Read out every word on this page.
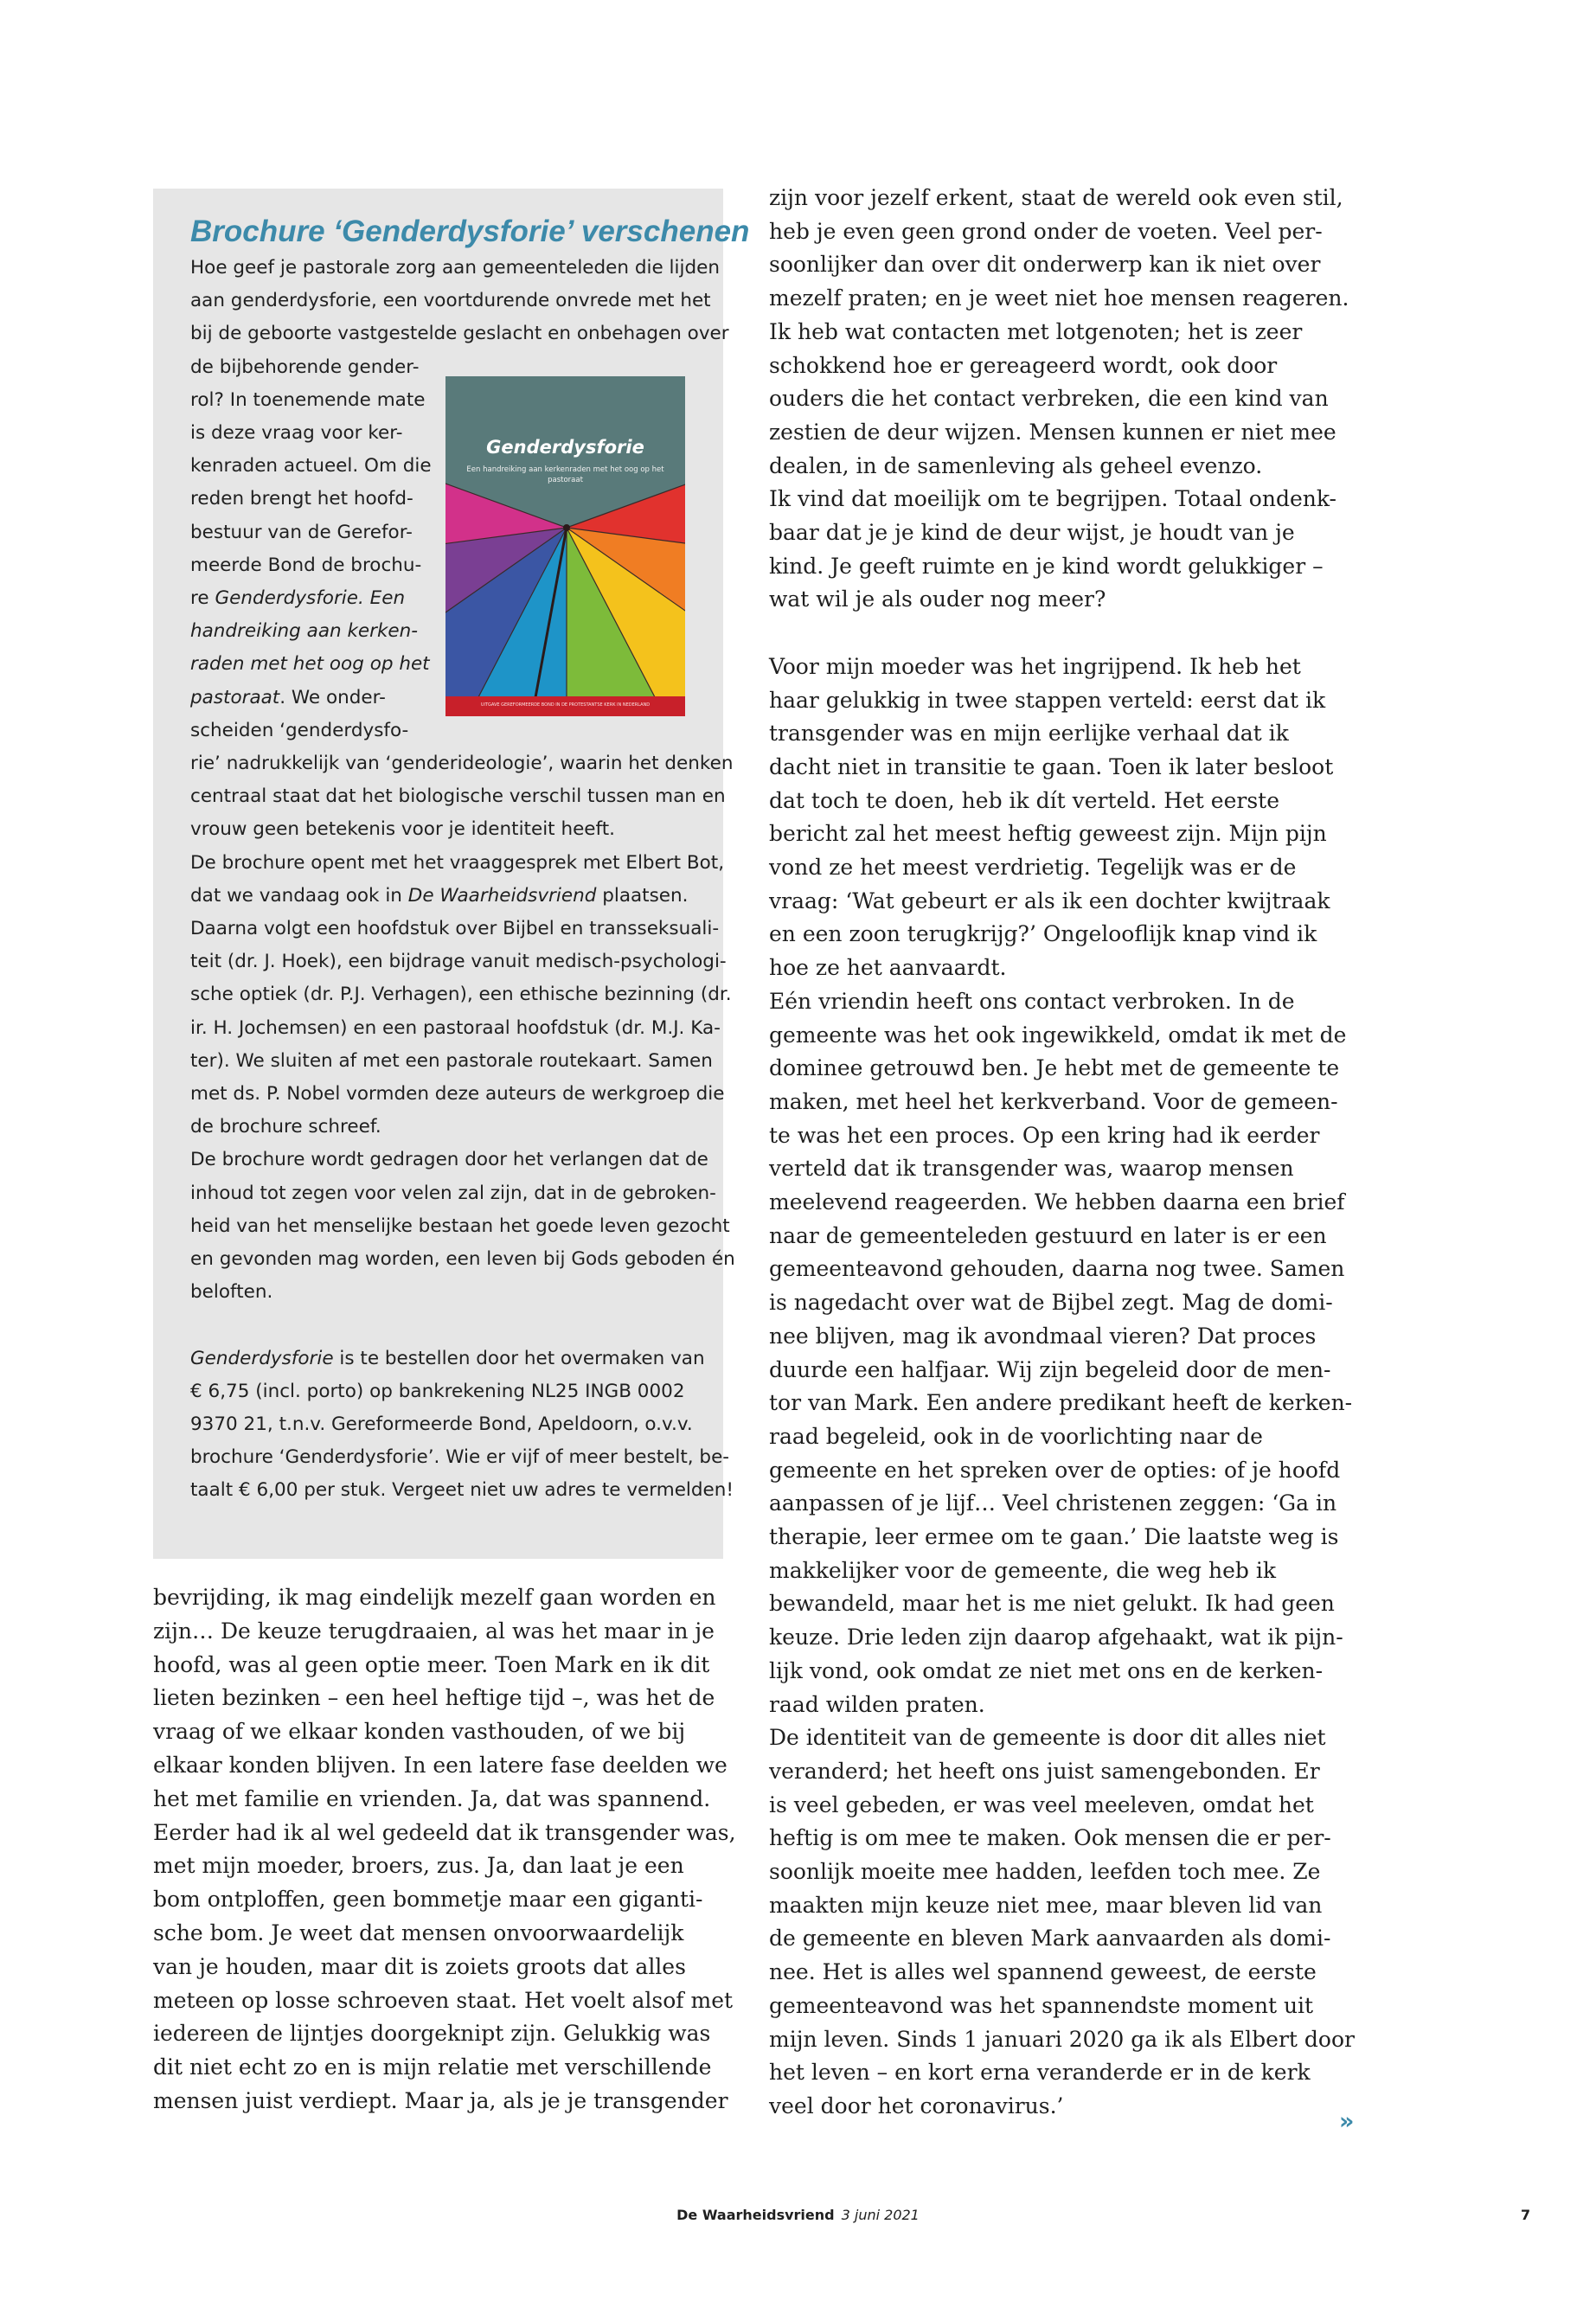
Brochure ‘Genderdysforie’ verschenen
Hoe geef je pastorale zorg aan gemeenteleden die lijden
aan genderdysforie, een voortdurende onvrede met het
bij de geboorte vastgestelde geslacht en onbehagen over
de bijbehorende gender-
rol? In toenemende mate
is deze vraag voor ker-
kenraden actueel. Om die
reden brengt het hoofd-
bestuur van de Gerefor-
meerde Bond de brochu-
re Genderdysforie. Een
handreiking aan kerken-
raden met het oog op het
pastoraat. We onder-
scheiden ‘genderdysfo-
rie’ nadrukkelijk van ‘genderideologie’, waarin het denken
centraal staat dat het biologische verschil tussen man en
vrouw geen betekenis voor je identiteit heeft.
De brochure opent met het vraaggesprek met Elbert Bot,
dat we vandaag ook in De Waarheidsvriend plaatsen.
Daarna volgt een hoofdstuk over Bijbel en transseksuali-
teit (dr. J. Hoek), een bijdrage vanuit medisch-psychologi-
sche optiek (dr. P.J. Verhagen), een ethische bezinning (dr.
ir. H. Jochemsen) en een pastoraal hoofdstuk (dr. M.J. Ka-
ter). We sluiten af met een pastorale routekaart. Samen
met ds. P. Nobel vormden deze auteurs de werkgroep die
de brochure schreef.
De brochure wordt gedragen door het verlangen dat de
inhoud tot zegen voor velen zal zijn, dat in de gebroken-
heid van het menselijke bestaan het goede leven gezocht
en gevonden mag worden, een leven bij Gods geboden én
beloften.
Genderdysforie is te bestellen door het overmaken van
€ 6,75 (incl. porto) op bankrekening NL25 INGB 0002
9370 21, t.n.v. Gereformeerde Bond, Apeldoorn, o.v.v.
brochure ‘Genderdysforie’. Wie er vijf of meer bestelt, be-
taalt € 6,00 per stuk. Vergeet niet uw adres te vermelden!
Genderdysforie
Een handreiking aan kerkenraden met het oog op het pastoraat
UITGAVE GEREFORMEERDE BOND IN DE PROTESTANTSE KERK IN NEDERLAND
bevrijding, ik mag eindelijk mezelf gaan worden en
zijn… De keuze terugdraaien, al was het maar in je
hoofd, was al geen optie meer. Toen Mark en ik dit
lieten bezinken – een heel heftige tijd –, was het de
vraag of we elkaar konden vasthouden, of we bij
elkaar konden blijven. In een latere fase deelden we
het met familie en vrienden. Ja, dat was spannend.
Eerder had ik al wel gedeeld dat ik transgender was,
met mijn moeder, broers, zus. Ja, dan laat je een
bom ontploffen, geen bommetje maar een giganti-
sche bom. Je weet dat mensen onvoorwaardelijk
van je houden, maar dit is zoiets groots dat alles
meteen op losse schroeven staat. Het voelt alsof met
iedereen de lijntjes doorgeknipt zijn. Gelukkig was
dit niet echt zo en is mijn relatie met verschillende
mensen juist verdiept. Maar ja, als je je transgender
zijn voor jezelf erkent, staat de wereld ook even stil,
heb je even geen grond onder de voeten. Veel per-
soonlijker dan over dit onderwerp kan ik niet over
mezelf praten; en je weet niet hoe mensen reageren.
Ik heb wat contacten met lotgenoten; het is zeer
schokkend hoe er gereageerd wordt, ook door
ouders die het contact verbreken, die een kind van
zestien de deur wijzen. Mensen kunnen er niet mee
dealen, in de samenleving als geheel evenzo.
Ik vind dat moeilijk om te begrijpen. Totaal ondenk-
baar dat je je kind de deur wijst, je houdt van je
kind. Je geeft ruimte en je kind wordt gelukkiger –
wat wil je als ouder nog meer?
Voor mijn moeder was het ingrijpend. Ik heb het
haar gelukkig in twee stappen verteld: eerst dat ik
transgender was en mijn eerlijke verhaal dat ik
dacht niet in transitie te gaan. Toen ik later besloot
dat toch te doen, heb ik dít verteld. Het eerste
bericht zal het meest heftig geweest zijn. Mijn pijn
vond ze het meest verdrietig. Tegelijk was er de
vraag: ‘Wat gebeurt er als ik een dochter kwijtraak
en een zoon terugkrijg?’ Ongelooflijk knap vind ik
hoe ze het aanvaardt.
Eén vriendin heeft ons contact verbroken. In de
gemeente was het ook ingewikkeld, omdat ik met de
dominee getrouwd ben. Je hebt met de gemeente te
maken, met heel het kerkverband. Voor de gemeen-
te was het een proces. Op een kring had ik eerder
verteld dat ik transgender was, waarop mensen
meelevend reageerden. We hebben daarna een brief
naar de gemeenteleden gestuurd en later is er een
gemeenteavond gehouden, daarna nog twee. Samen
is nagedacht over wat de Bijbel zegt. Mag de domi-
nee blijven, mag ik avondmaal vieren? Dat proces
duurde een halfjaar. Wij zijn begeleid door de men-
tor van Mark. Een andere predikant heeft de kerken-
raad begeleid, ook in de voorlichting naar de
gemeente en het spreken over de opties: of je hoofd
aanpassen of je lijf… Veel christenen zeggen: ‘Ga in
therapie, leer ermee om te gaan.’ Die laatste weg is
makkelijker voor de gemeente, die weg heb ik
bewandeld, maar het is me niet gelukt. Ik had geen
keuze. Drie leden zijn daarop afgehaakt, wat ik pijn-
lijk vond, ook omdat ze niet met ons en de kerken-
raad wilden praten.
De identiteit van de gemeente is door dit alles niet
veranderd; het heeft ons juist samengebonden. Er
is veel gebeden, er was veel meeleven, omdat het
heftig is om mee te maken. Ook mensen die er per-
soonlijk moeite mee hadden, leefden toch mee. Ze
maakten mijn keuze niet mee, maar bleven lid van
de gemeente en bleven Mark aanvaarden als domi-
nee. Het is alles wel spannend geweest, de eerste
gemeenteavond was het spannendste moment uit
mijn leven. Sinds 1 januari 2020 ga ik als Elbert door
het leven – en kort erna veranderde er in de kerk
veel door het coronavirus.’
»
De Waarheidsvriend 3 juni 2021	7
